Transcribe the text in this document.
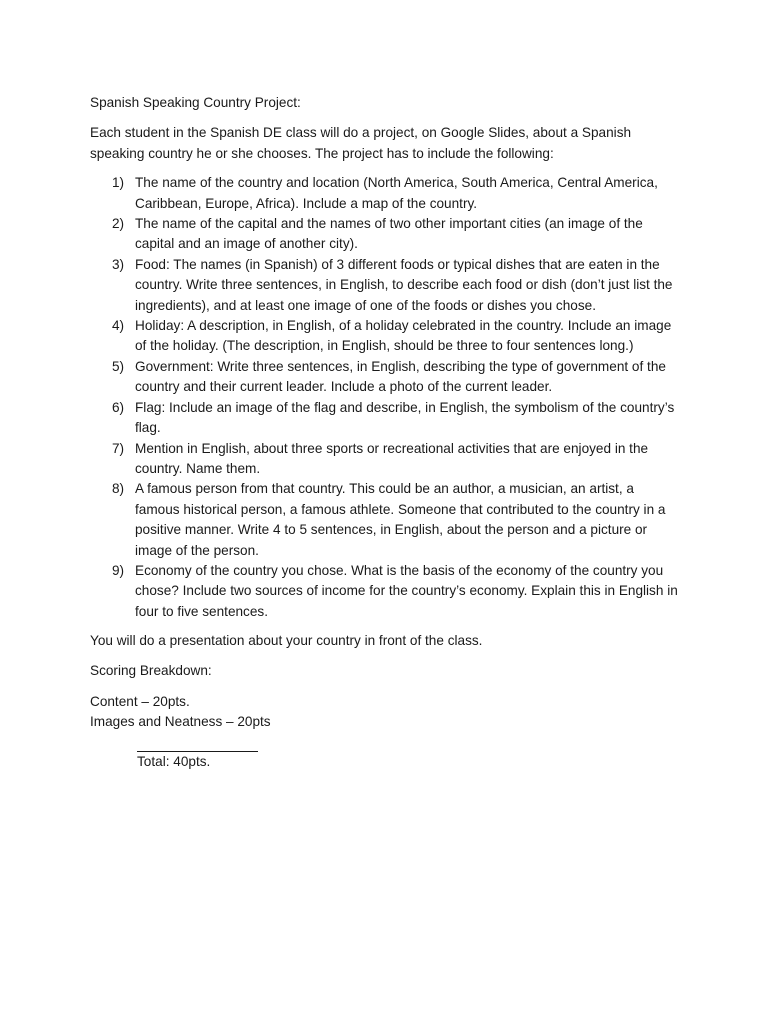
Spanish Speaking Country Project:

Each student in the Spanish DE class will do a project, on Google Slides, about a Spanish speaking country he or she chooses. The project has to include the following:

1) The name of the country and location (North America, South America, Central America, Caribbean, Europe, Africa). Include a map of the country.
2) The name of the capital and the names of two other important cities (an image of the capital and an image of another city).
3) Food: The names (in Spanish) of 3 different foods or typical dishes that are eaten in the country. Write three sentences, in English, to describe each food or dish (don’t just list the ingredients), and at least one image of one of the foods or dishes you chose.
4) Holiday: A description, in English, of a holiday celebrated in the country. Include an image of the holiday. (The description, in English, should be three to four sentences long.)
5) Government: Write three sentences, in English, describing the type of government of the country and their current leader. Include a photo of the current leader.
6) Flag: Include an image of the flag and describe, in English, the symbolism of the country’s flag.
7) Mention in English, about three sports or recreational activities that are enjoyed in the country. Name them.
8) A famous person from that country. This could be an author, a musician, an artist, a famous historical person, a famous athlete. Someone that contributed to the country in a positive manner. Write 4 to 5 sentences, in English, about the person and a picture or image of the person.
9) Economy of the country you chose. What is the basis of the economy of the country you chose? Include two sources of income for the country’s economy. Explain this in English in four to five sentences.

You will do a presentation about your country in front of the class.

Scoring Breakdown:

Content – 20pts.

Images and Neatness – 20pts

Total: 40pts.
